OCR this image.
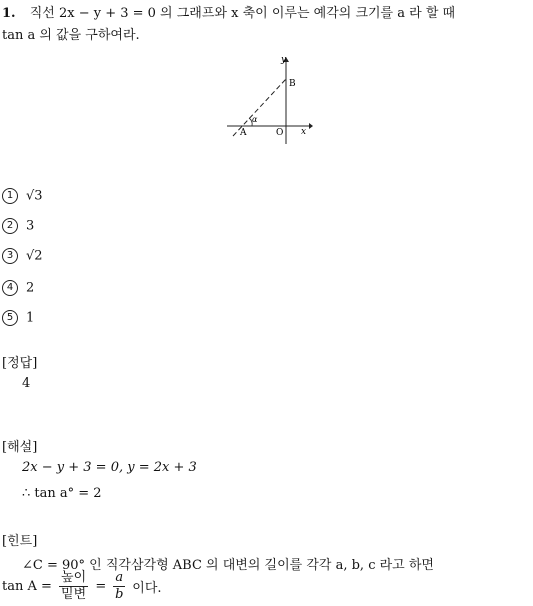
1. 직선 2x − y + 3 = 0 의 그래프와 x 축이 이루는 예각의 크기를 a 라 할 때
tan a 의 값을 구하여라.
y
x
B
A	O
α
1 √3
2 3
3 √2
4 2
5 1
[정답]
4
[해설]
2x − y + 3 = 0, y = 2x + 3
∴ tan a° = 2
[힌트]
∠C = 90° 인 직각삼각형 ABC 의 대변의 길이를 각각 a, b, c 라고 하면
$\tan A = \frac{\text{높이}}{\text{밑변}} = \frac{a}{b}$ 이다.
